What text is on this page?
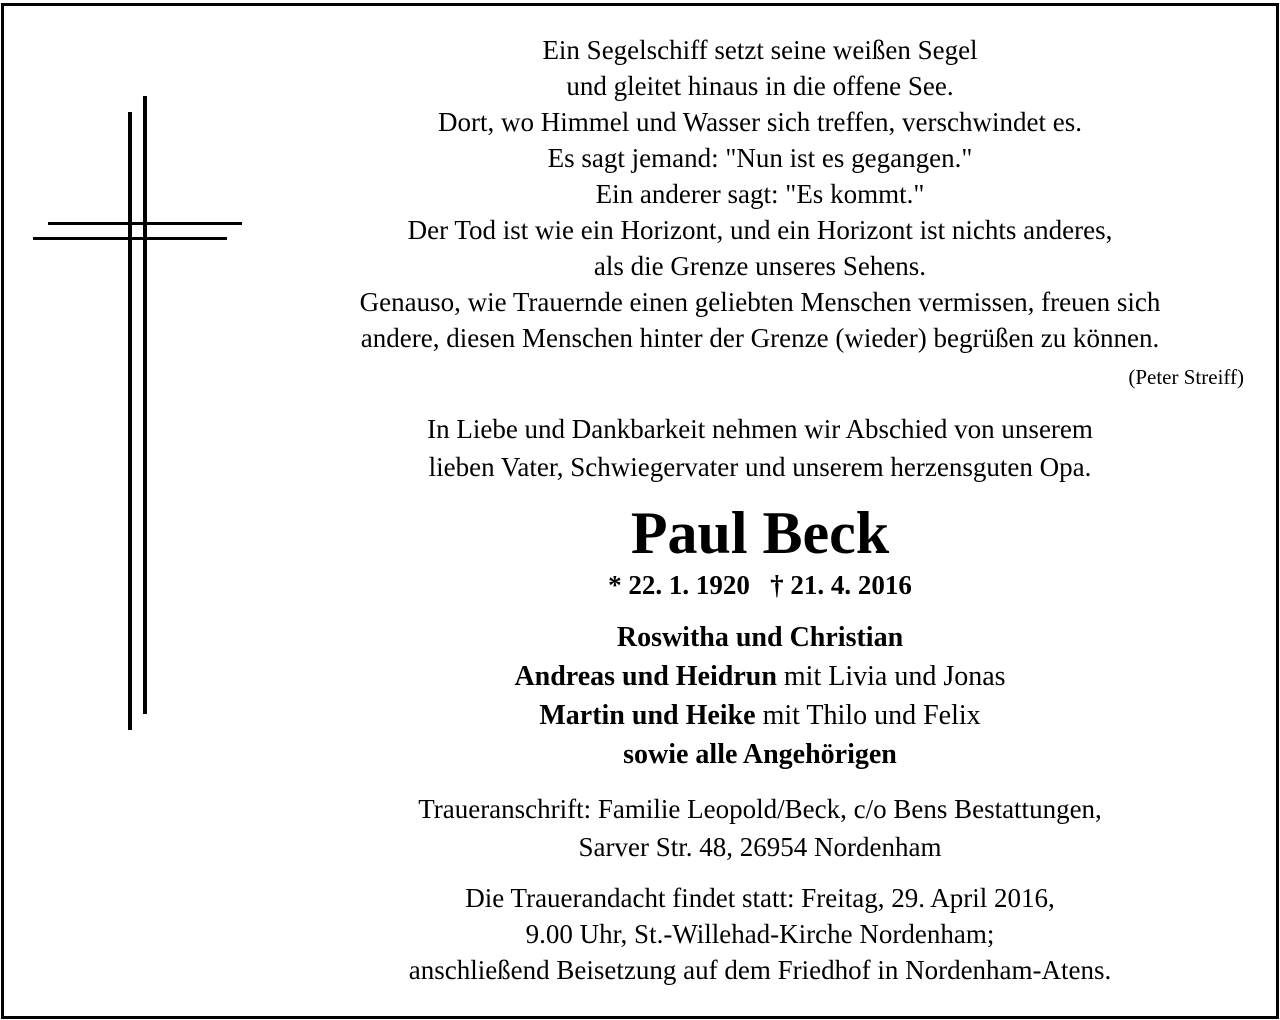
Ein Segelschiff setzt seine weißen Segel
und gleitet hinaus in die offene See.
Dort, wo Himmel und Wasser sich treffen, verschwindet es.
Es sagt jemand: "Nun ist es gegangen."
Ein anderer sagt: "Es kommt."
Der Tod ist wie ein Horizont, und ein Horizont ist nichts anderes,
als die Grenze unseres Sehens.
Genauso, wie Trauernde einen geliebten Menschen vermissen, freuen sich
andere, diesen Menschen hinter der Grenze (wieder) begrüßen zu können.
(Peter Streiff)
In Liebe und Dankbarkeit nehmen wir Abschied von unserem
lieben Vater, Schwiegervater und unserem herzensguten Opa.
Paul Beck
* 22. 1. 1920   † 21. 4. 2016
Roswitha und Christian
Andreas und Heidrun mit Livia und Jonas
Martin und Heike mit Thilo und Felix
sowie alle Angehörigen
Traueranschrift: Familie Leopold/Beck, c/o Bens Bestattungen,
Sarver Str. 48, 26954 Nordenham
Die Trauerandacht findet statt: Freitag, 29. April 2016,
9.00 Uhr, St.-Willehad-Kirche Nordenham;
anschließend Beisetzung auf dem Friedhof in Nordenham-Atens.
